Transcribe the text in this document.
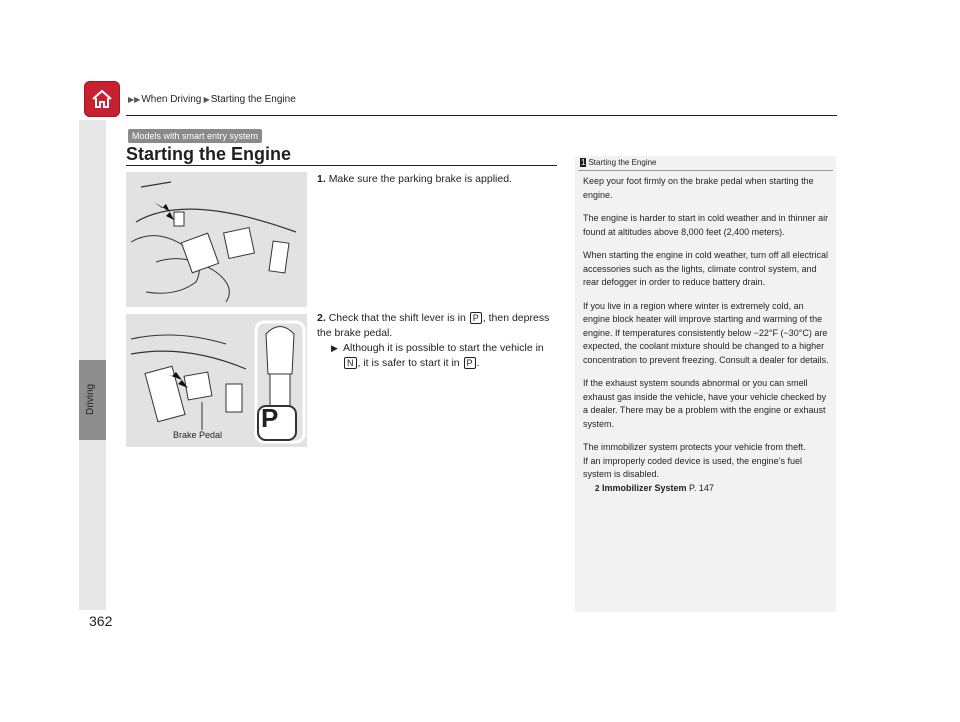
▶▶When Driving ▶Starting the Engine
Driving
362
Models with smart entry system
Starting the Engine
P
Brake Pedal
1. Make sure the parking brake is applied.
2. Check that the shift lever is in P , then depress the brake pedal.
▶ Although it is possible to start the vehicle in N , it is safer to start it in P .
1 Starting the Engine

Keep your foot firmly on the brake pedal when starting the engine.

The engine is harder to start in cold weather and in thinner air found at altitudes above 8,000 feet (2,400 meters).

When starting the engine in cold weather, turn off all electrical accessories such as the lights, climate control system, and rear defogger in order to reduce battery drain.

If you live in a region where winter is extremely cold, an engine block heater will improve starting and warming of the engine. If temperatures consistently below −22°F (−30°C) are expected, the coolant mixture should be changed to a higher concentration to prevent freezing. Consult a dealer for details.

If the exhaust system sounds abnormal or you can smell exhaust gas inside the vehicle, have your vehicle checked by a dealer. There may be a problem with the engine or exhaust system.

The immobilizer system protects your vehicle from theft.

If an improperly coded device is used, the engine’s fuel system is disabled.

2 Immobilizer System P. 147
